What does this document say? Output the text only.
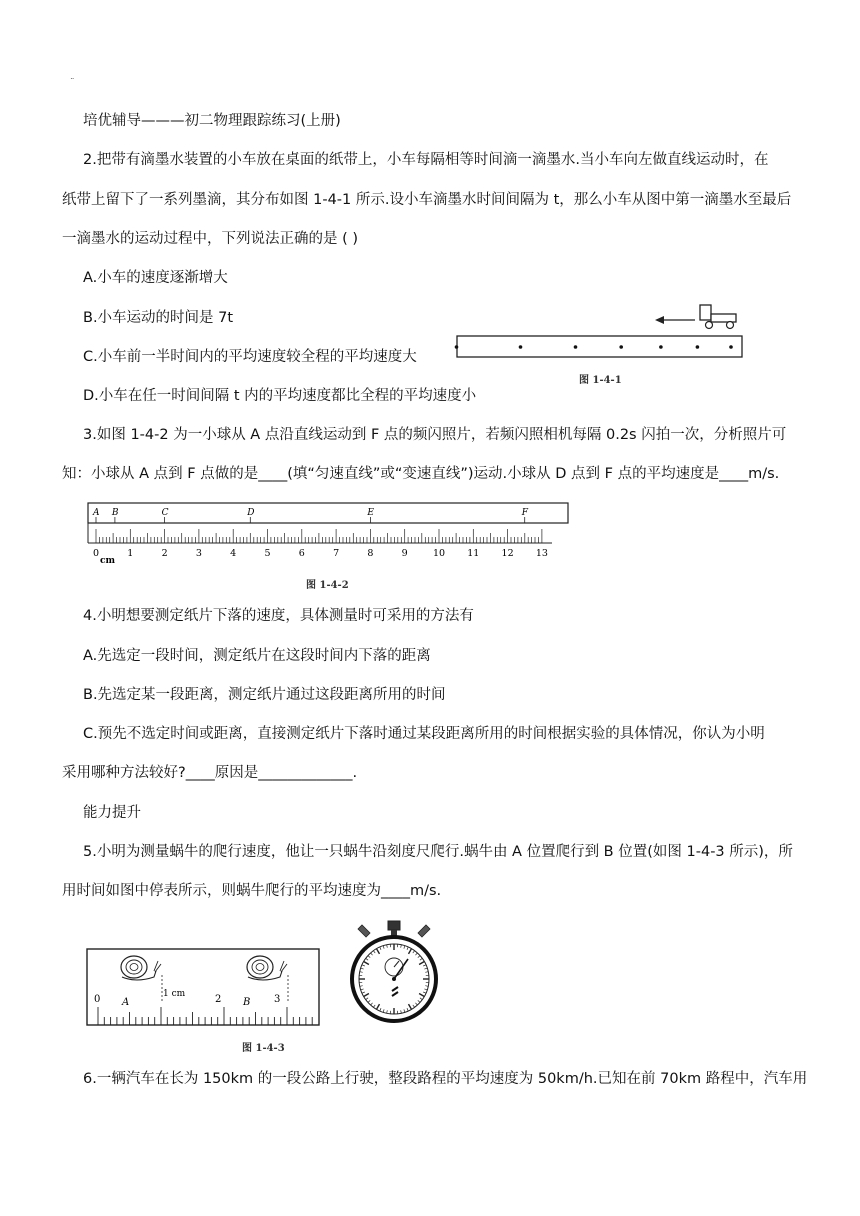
¨
培优辅导———初二物理跟踪练习(上册)
2.把带有滴墨水装置的小车放在桌面的纸带上，小车每隔相等时间滴一滴墨水.当小车向左做直线运动时，在
纸带上留下了一系列墨滴，其分布如图 1-4-1 所示.设小车滴墨水时间间隔为 t，那么小车从图中第一滴墨水至最后
一滴墨水的运动过程中，下列说法正确的是 ( )
A.小车的速度逐渐增大
B.小车运动的时间是 7t
C.小车前一半时间内的平均速度较全程的平均速度大
D.小车在任一时间间隔 t 内的平均速度都比全程的平均速度小
图 1-4-1
3.如图 1-4-2 为一小球从 A 点沿直线运动到 F 点的频闪照片，若频闪照相机每隔 0.2s 闪拍一次，分析照片可
知：小球从 A 点到 F 点做的是____(填“匀速直线”或“变速直线”)运动.小球从 D 点到 F 点的平均速度是____m/s.
0	1	2	3	4	5	6	7	8	9	10 11 12 13
A B	C	D	E	F
cm
图 1-4-2
4.小明想要测定纸片下落的速度，具体测量时可采用的方法有
A.先选定一段时间，测定纸片在这段时间内下落的距离
B.先选定某一段距离，测定纸片通过这段距离所用的时间
C.预先不选定时间或距离，直接测定纸片下落时通过某段距离所用的时间根据实验的具体情况，你认为小明
采用哪种方法较好?____原因是_____________.
能力提升
5.小明为测量蜗牛的爬行速度，他让一只蜗牛沿刻度尺爬行.蜗牛由 A 位置爬行到 B 位置(如图 1-4-3 所示)，所
用时间如图中停表所示，则蜗牛爬行的平均速度为____m/s.
0 A
1 cm	2 B 3
图 1-4-3
6.一辆汽车在长为 150km 的一段公路上行驶，整段路程的平均速度为 50km/h.已知在前 70km 路程中，汽车用
